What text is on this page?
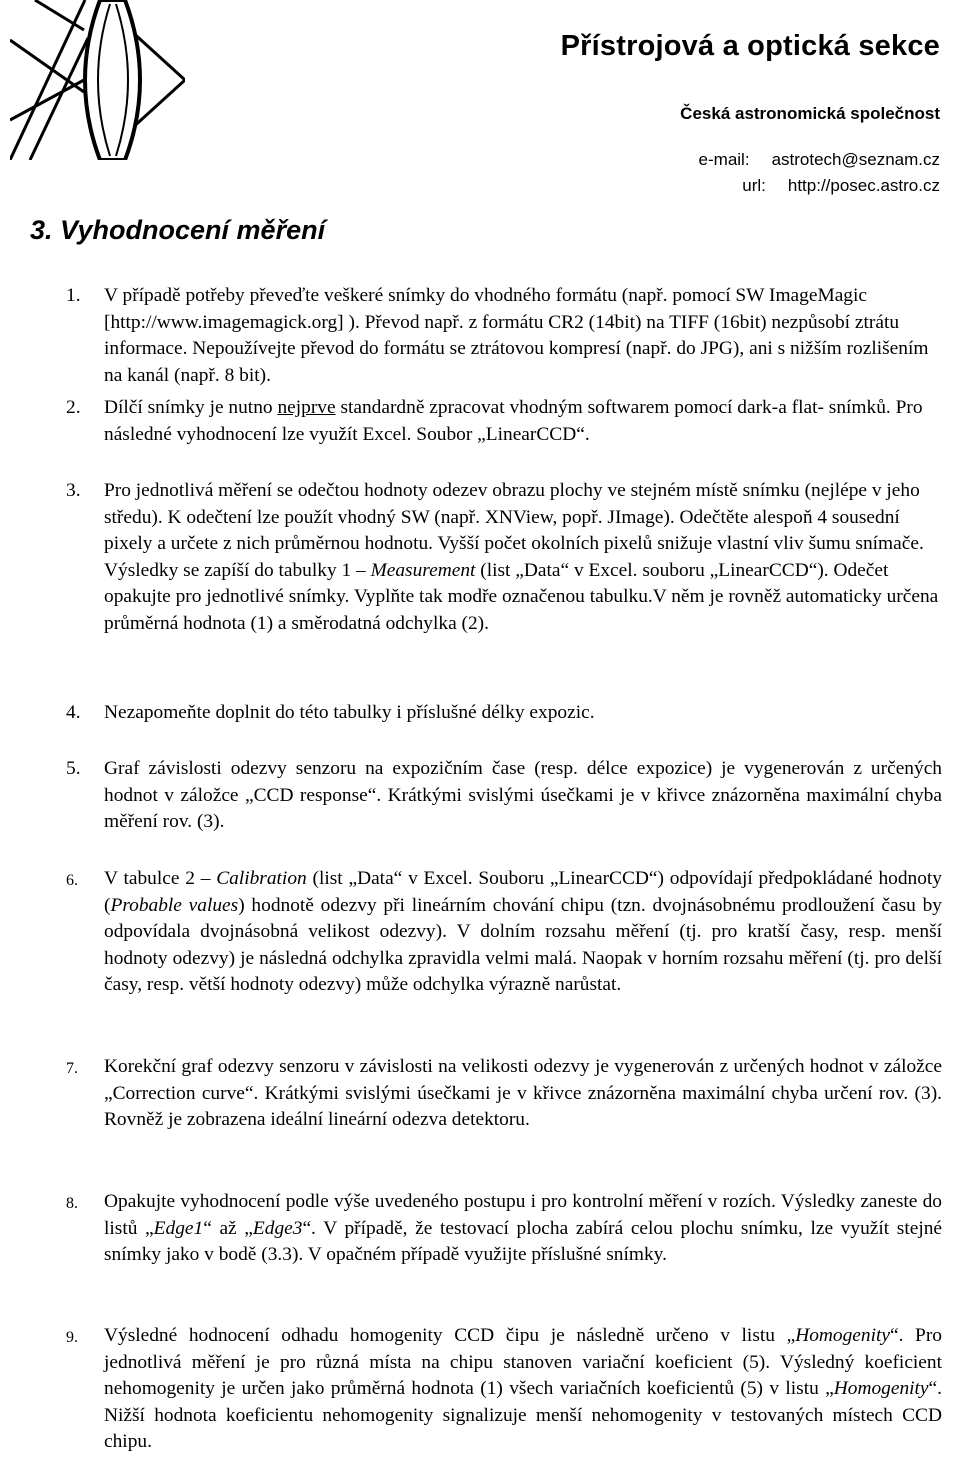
Přístrojová a optická sekce
Česká astronomická společnost
e-mail: astrotech@seznam.cz
url: http://posec.astro.cz
3. Vyhodnocení měření
1.	V případě potřeby převeďte veškeré snímky do vhodného formátu (např. pomocí SW ImageMagic [http://www.imagemagick.org] ). Převod např. z formátu CR2 (14bit) na TIFF (16bit) nezpůsobí ztrátu informace. Nepoužívejte převod do formátu se ztrátovou kompresí (např. do JPG), ani s nižším rozlišením na kanál (např. 8 bit).
2.	Dílčí snímky je nutno nejprve standardně zpracovat vhodným softwarem pomocí dark-a flat- snímků. Pro následné vyhodnocení lze využít Excel. Soubor „LinearCCD“.
3.	Pro jednotlivá měření se odečtou hodnoty odezev obrazu plochy ve stejném místě snímku (nejlépe v jeho středu). K odečtení lze použít vhodný SW (např. XNView, popř. JImage). Odečtěte alespoň 4 sousední pixely a určete z nich průměrnou hodnotu. Vyšší počet okolních pixelů snižuje vlastní vliv šumu snímače. Výsledky se zapíší do tabulky 1 – Measurement (list „Data“ v Excel. souboru „LinearCCD“). Odečet opakujte pro jednotlivé snímky. Vyplňte tak modře označenou tabulku.V něm je rovněž automaticky určena průměrná hodnota (1) a směrodatná odchylka (2).
4.	Nezapomeňte doplnit do této tabulky i příslušné délky expozic.
5.	Graf závislosti odezvy senzoru na expozičním čase (resp. délce expozice) je vygenerován z určených hodnot v záložce „CCD response“. Krátkými svislými úsečkami je v křivce znázorněna maximální chyba měření rov. (3).
6.	V tabulce 2 – Calibration (list „Data“ v Excel. Souboru „LinearCCD“) odpovídají předpokládané hodnoty (Probable values) hodnotě odezvy při lineárním chování chipu (tzn. dvojnásobnému prodloužení času by odpovídala dvojnásobná velikost odezvy). V dolním rozsahu měření (tj. pro kratší časy, resp. menší hodnoty odezvy) je následná odchylka zpravidla velmi malá. Naopak v horním rozsahu měření (tj. pro delší časy, resp. větší hodnoty odezvy) může odchylka výrazně narůstat.
7.	Korekční graf odezvy senzoru v závislosti na velikosti odezvy je vygenerován z určených hodnot v záložce „Correction curve“. Krátkými svislými úsečkami je v křivce znázorněna maximální chyba určení rov. (3). Rovněž je zobrazena ideální lineární odezva detektoru.
8.	Opakujte vyhodnocení podle výše uvedeného postupu i pro kontrolní měření v rozích. Výsledky zaneste do listů „Edge1“ až „Edge3“. V případě, že testovací plocha zabírá celou plochu snímku, lze využít stejné snímky jako v bodě (3.3). V opačném případě využijte příslušné snímky.
9.	Výsledné hodnocení odhadu homogenity CCD čipu je následně určeno v listu „Homogenity“. Pro jednotlivá měření je pro různá místa na chipu stanoven variační koeficient (5). Výsledný koeficient nehomogenity je určen jako průměrná hodnota (1) všech variačních koeficientů (5) v listu „Homogenity“. Nižší hodnota koeficientu nehomogenity signalizuje menší nehomogenity v testovaných místech CCD chipu.
